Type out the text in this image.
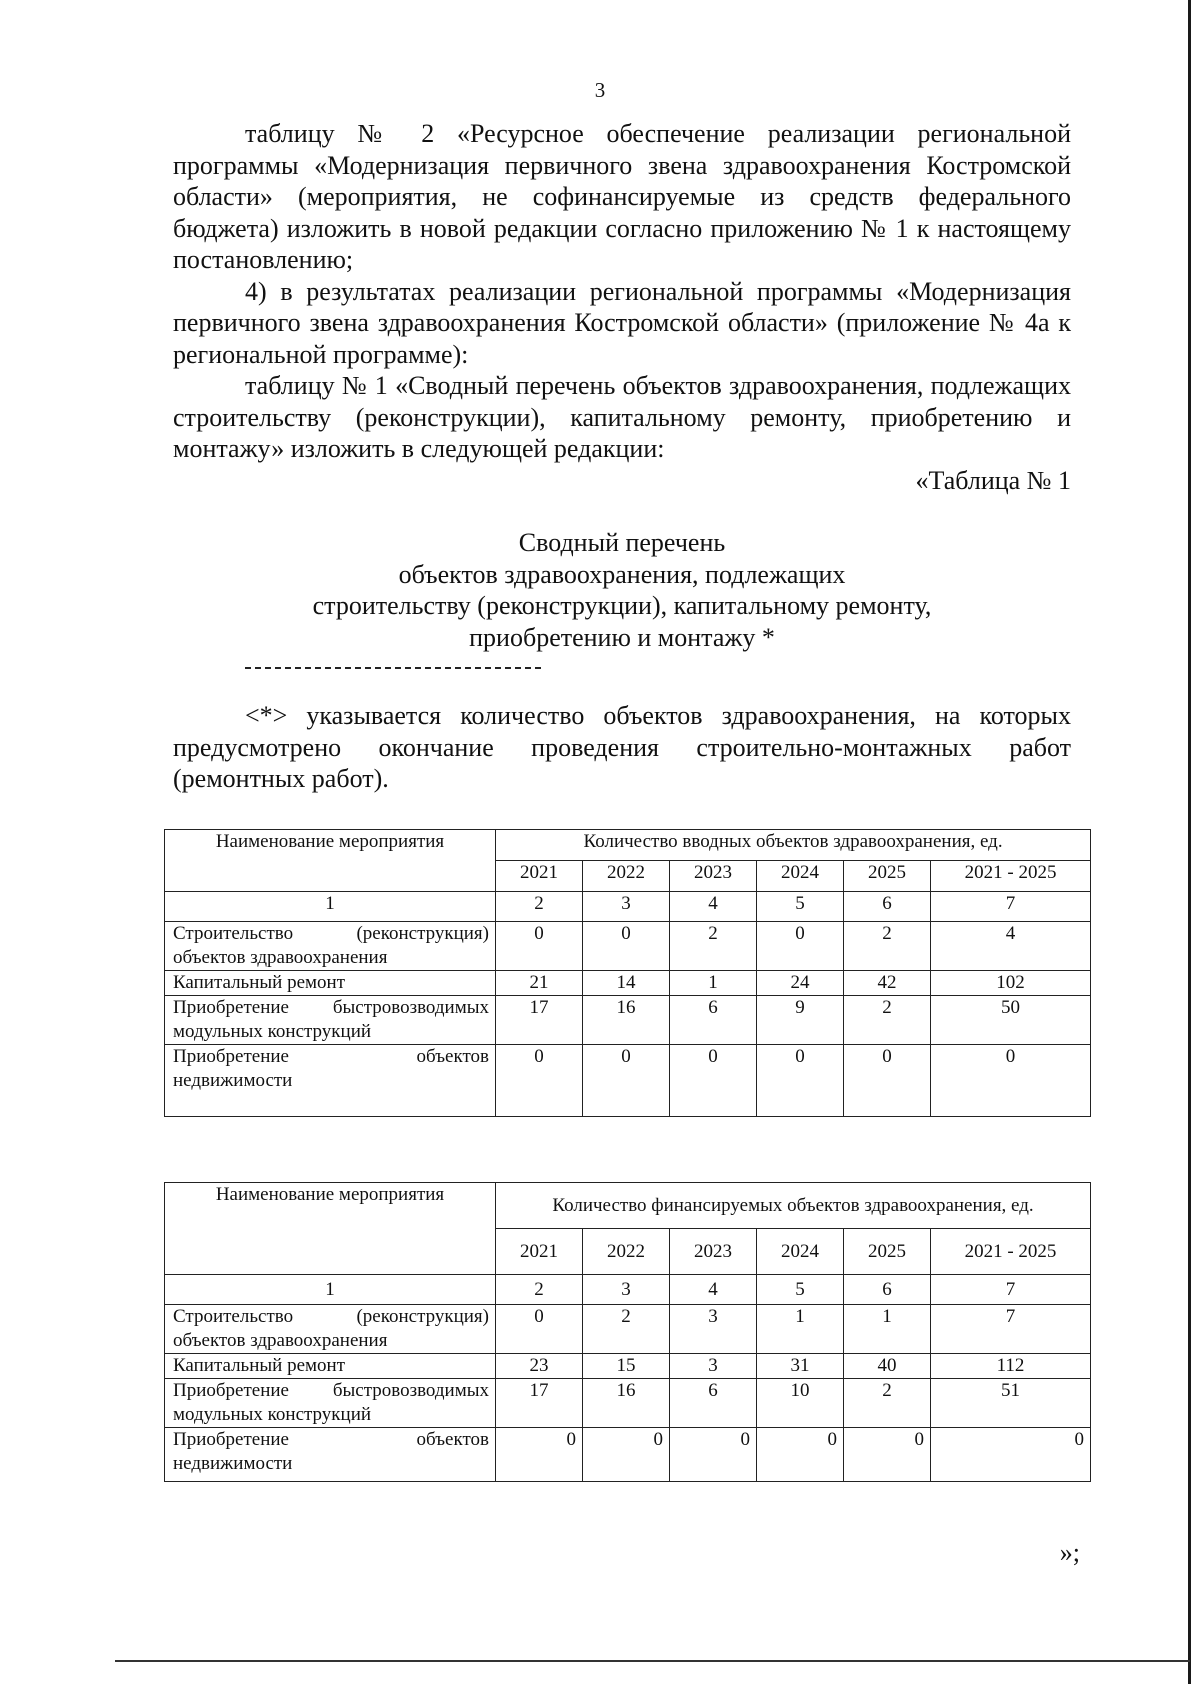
3

таблицу № 2 «Ресурсное обеспечение реализации региональной программы «Модернизация первичного звена здравоохранения Костромской области» (мероприятия, не софинансируемые из средств федерального бюджета) изложить в новой редакции согласно приложению № 1 к настоящему постановлению;

4) в результатах реализации региональной программы «Модернизация первичного звена здравоохранения Костромской области» (приложение № 4а к региональной программе):

таблицу № 1 «Сводный перечень объектов здравоохранения, подлежащих строительству (реконструкции), капитальному ремонту, приобретению и монтажу» изложить в следующей редакции:

«Таблица № 1

Сводный перечень
объектов здравоохранения, подлежащих
строительству (реконструкции), капитальному ремонту,
приобретению и монтажу *

<*> указывается количество объектов здравоохранения, на которых предусмотрено окончание проведения строительно-монтажных работ (ремонтных работ).

Наименование мероприятия	Количество вводных объектов здравоохранения, ед.					
	2021	2022	2023	2024	2025	2021 - 2025
1	2	3	4	5	6	7
Строительство (реконструкция) объектов здравоохранения	0	0	2	0	2	4
Капитальный ремонт	21	14	1	24	42	102
Приобретение быстровозводимых модульных конструкций	17	16	6	9	2	50
Приобретение объектов недвижимости	0	0	0	0	0	0
Наименование мероприятия	Количество финансируемых объектов здравоохранения, ед.					
	2021	2022	2023	2024	2025	2021 - 2025
1	2	3	4	5	6	7
Строительство (реконструкция) объектов здравоохранения	0	2	3	1	1	7
Капитальный ремонт	23	15	3	31	40	112
Приобретение быстровозводимых модульных конструкций	17	16	6	10	2	51
Приобретение объектов недвижимости	0	0	0	0	0	0
»;
